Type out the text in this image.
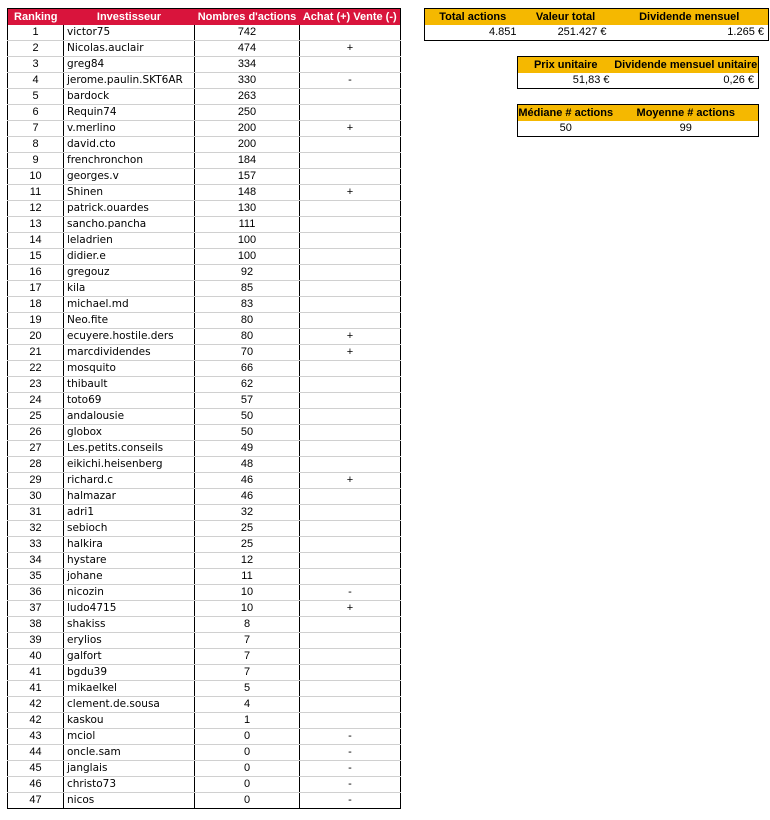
Ranking	Investisseur	Nombres d'actions	Achat (+) Vente (-)
1	victor75	742	
2	Nicolas.auclair	474	+
3	greg84	334	
4	jerome.paulin.SKT6AR	330	-
5	bardock	263	
6	Requin74	250	
7	v.merlino	200	+
8	david.cto	200	
9	frenchronchon	184	
10	georges.v	157	
11	Shinen	148	+
12	patrick.ouardes	130	
13	sancho.pancha	111	
14	leladrien	100	
15	didier.e	100	
16	gregouz	92	
17	kila	85	
18	michael.md	83	
19	Neo.fite	80	
20	ecuyere.hostile.ders	80	+
21	marcdividendes	70	+
22	mosquito	66	
23	thibault	62	
24	toto69	57	
25	andalousie	50	
26	globox	50	
27	Les.petits.conseils	49	
28	eikichi.heisenberg	48	
29	richard.c	46	+
30	halmazar	46	
31	adri1	32	
32	sebioch	25	
33	halkira	25	
34	hystare	12	
35	johane	11	
36	nicozin	10	-
37	ludo4715	10	+
38	shakiss	8	
39	erylios	7	
40	galfort	7	
41	bgdu39	7	
41	mikaelkel	5	
42	clement.de.sousa	4	
42	kaskou	1	
43	mciol	0	-
44	oncle.sam	0	-
45	janglais	0	-
46	christo73	0	-
47	nicos	0	-
Total actions	Valeur total	Dividende mensuel
4.851	251.427 €	1.265 €
Prix unitaire	Dividende mensuel unitaire
51,83 €	0,26 €
Médiane # actions	Moyenne # actions
50	99
